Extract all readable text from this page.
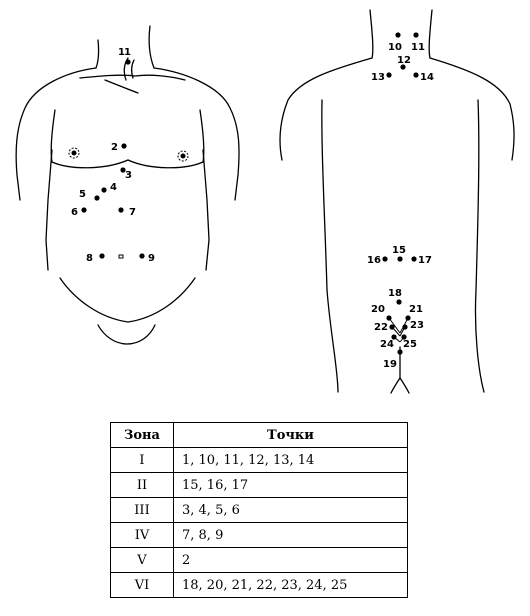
1 1
2
3
4
5
6	7
8	9
10 11
12
13	14
15
16	17
18
20 21
22 23
24 25
19
Зона	Точки
I	1, 10, 11, 12, 13, 14
II	15, 16, 17
III	3, 4, 5, 6
IV	7, 8, 9
V	2
VI	18, 20, 21, 22, 23, 24, 25
